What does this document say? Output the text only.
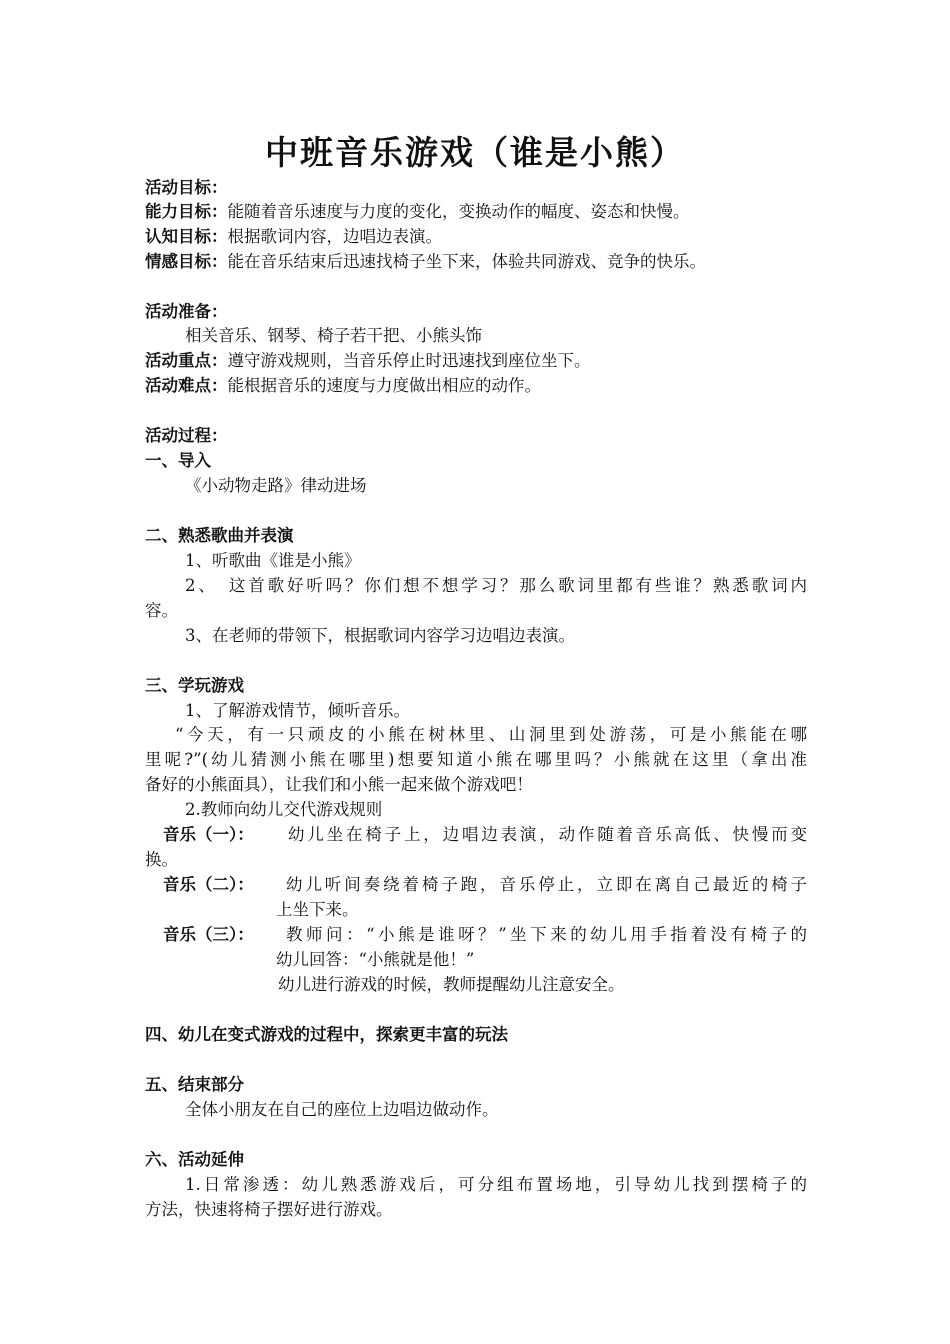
中班音乐游戏（谁是小熊）
活动目标：
能力目标：能随着音乐速度与力度的变化，变换动作的幅度、姿态和快慢。
认知目标：根据歌词内容，边唱边表演。
情感目标：能在音乐结束后迅速找椅子坐下来，体验共同游戏、竞争的快乐。
活动准备：
相关音乐、钢琴、椅子若干把、小熊头饰
活动重点：遵守游戏规则，当音乐停止时迅速找到座位坐下。
活动难点：能根据音乐的速度与力度做出相应的动作。
活动过程：
一、导入
《小动物走路》律动进场
二、熟悉歌曲并表演
1、听歌曲《谁是小熊》
2、　这首歌好听吗？你们想不想学习？那么歌词里都有些谁？熟悉歌词内
容。
3、在老师的带领下，根据歌词内容学习边唱边表演。
三、学玩游戏
1、了解游戏情节，倾听音乐。
“今天，有一只顽皮的小熊在树林里、山洞里到处游荡，可是小熊能在哪
里呢?”(幼儿猜测小熊在哪里)想要知道小熊在哪里吗？小熊就在这里（拿出准
备好的小熊面具），让我们和小熊一起来做个游戏吧！
2.教师向幼儿交代游戏规则
音乐（一）： 幼儿坐在椅子上，边唱边表演，动作随着音乐高低、快慢而变
换。
音乐（二）： 幼儿听间奏绕着椅子跑，音乐停止，立即在离自己最近的椅子
上坐下来。
音乐（三）： 教师问：“小熊是谁呀？”坐下来的幼儿用手指着没有椅子的
幼儿回答：“小熊就是他！”
幼儿进行游戏的时候，教师提醒幼儿注意安全。
四、幼儿在变式游戏的过程中，探索更丰富的玩法
五、结束部分
全体小朋友在自己的座位上边唱边做动作。
六、活动延伸
1.日常渗透：幼儿熟悉游戏后，可分组布置场地，引导幼儿找到摆椅子的
方法，快速将椅子摆好进行游戏。
